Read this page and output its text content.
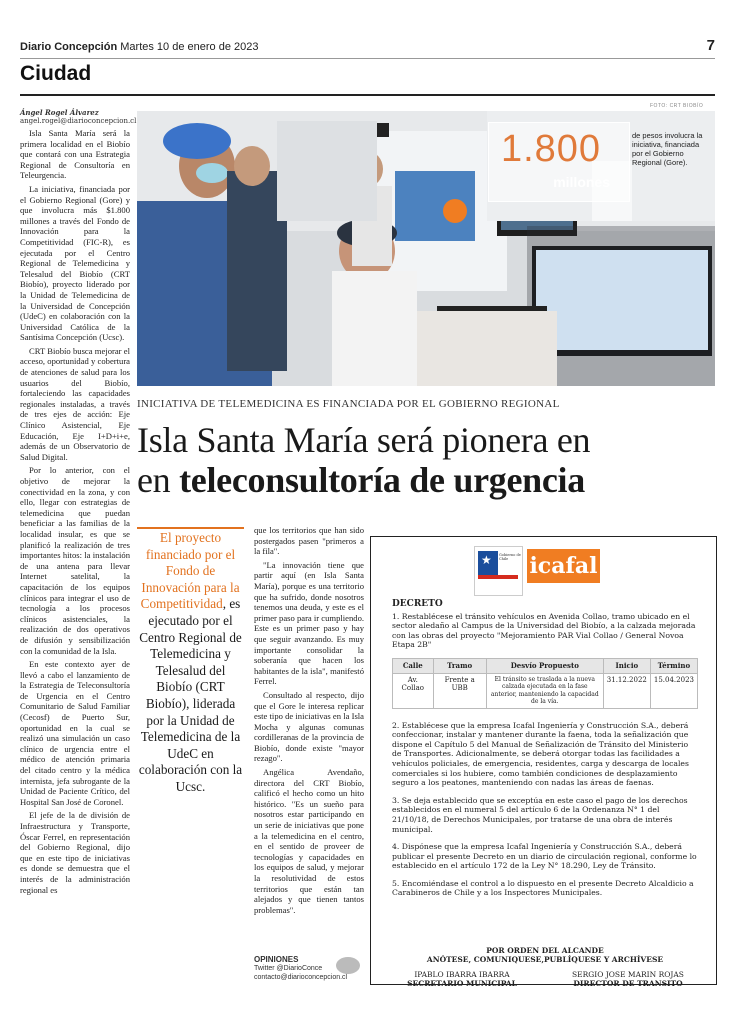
Diario Concepción Martes 10 de enero de 2023	7
Ciudad
Ángel Rogel Álvarez
angel.rogel@diarioconcepcion.cl

Isla Santa María será la primera localidad en el Biobío que contará con una Estrategia Regional de Consultoría en Teleurgencia.

La iniciativa, financiada por el Gobierno Regional (Gore) y que involucra más $1.800 millones a través del Fondo de Innovación para la Competitividad (FIC-R), es ejecutada por el Centro Regional de Telemedicina y Telesalud del Biobío (CRT Biobío), proyecto liderado por la Unidad de Telemedicina de la Universidad de Concepción (UdeC) en colaboración con la Universidad Católica de la Santísima Concepción (Ucsc).

CRT Biobío busca mejorar el acceso, oportunidad y cobertura de atenciones de salud para los usuarios del Biobío, fortaleciendo las capacidades regionales instaladas, a través de tres ejes de acción: Eje Clínico Asistencial, Eje Educación, Eje I+D+i+e, además de un Observatorio de Salud Digital.

Por lo anterior, con el objetivo de mejorar la conectividad en la zona, y con ello, llegar con estrategias de telemedicina que puedan beneficiar a las familias de la localidad insular, es que se planificó la realización de tres importantes hitos: la instalación de una antena para llevar Internet satelital, la capacitación de los equipos clínicos para integrar el uso de tecnología a los procesos clínicos asistenciales, la realización de dos operativos de difusión y sensibilización con la comunidad de la Isla.

En este contexto ayer de llevó a cabo el lanzamiento de la Estrategia de Teleconsultoría de Urgencia en el Centro Comunitario de Salud Familiar (Cecosf) de Puerto Sur, oportunidad en la cual se realizó una simulación un caso clínico de urgencia entre el médico de atención primaria del citado centro y la médica internista, jefa subrogante de la Unidad de Paciente Crítico, del Hospital San José de Coronel.

El jefe de la de división de Infraestructura y Transporte, Óscar Ferrel, en representación del Gobierno Regional, dijo que en este tipo de iniciativas es donde se demuestra que el interés de la administración regional es

FOTO: CRT BIOBÍO
1.800
millones
de pesos involucra la iniciativa, financiada por el Gobierno Regional (Gore).
INICIATIVA DE TELEMEDICINA ES FINANCIADA POR EL GOBIERNO REGIONAL
Isla Santa María será pionera en
en teleconsultoría de urgencia
El proyecto financiado por el Fondo de Innovación para la Competitividad, es ejecutado por el Centro Regional de Telemedicina y Telesalud del Biobío (CRT Biobío), liderada por la Unidad de Telemedicina de la UdeC en colaboración con la Ucsc.

que los territorios que han sido postergados pasen "primeros a la fila".

"La innovación tiene que partir aquí (en Isla Santa María), porque es una territorio que ha sufrido, donde nosotros tenemos una deuda, y este es el primer paso para ir cumpliendo. Este es un primer paso y hay que seguir avanzando. Es muy importante consolidar la soberanía que hacen los habitantes de la isla", manifestó Ferrel.

Consultado al respecto, dijo que el Gore le interesa replicar este tipo de iniciativas en la Isla Mocha y algunas comunas cordilleranas de la provincia de Biobío, donde existe "mayor rezago".

Angélica Avendaño, directora del CRT Biobío, calificó el hecho como un hito histórico. "Es un sueño para nosotros estar participando en un serie de iniciativas que pone a la telemedicina en el centro, en el sentido de proveer de tecnologías y capacidades en los equipos de salud, y mejorar la resolutividad de estos territorios que están tan alejados y que tienen tantos problemas".

OPINIONES
Twitter @DiarioConce
contacto@diarioconcepcion.cl
★ Gobierno de Chile icafal
DECRETO

1. Restablécese el tránsito vehículos en Avenida Collao, tramo ubicado en el sector aledaño al Campus de la Universidad del Biobío, a la calzada mejorada con las obras del proyecto "Mejoramiento PAR Vial Collao / General Novoa Etapa 2B"

Calle	Tramo	Desvío Propuesto	Inicio	Término
Av. Collao	Frente a UBB	El tránsito se traslada a la nueva calzada ejecutada en la fase anterior, manteniendo la capacidad de la vía.	31.12.2022	15.04.2023

2. Establécese que la empresa Icafal Ingeniería y Construcción S.A., deberá confeccionar, instalar y mantener durante la faena, toda la señalización que dispone el Capítulo 5 del Manual de Señalización de Tránsito del Ministerio de Transportes. Adicionalmente, se deberá otorgar todas las facilidades a vehículos policiales, de emergencia, residentes, carga y descarga de locales comerciales si los hubiere, como también condiciones de desplazamiento seguro a los peatones, manteniendo con nadas las áreas de faenas.

3. Se deja establecido que se exceptúa en este caso el pago de los derechos establecidos en el numeral 5 del artículo 6 de la Ordenanza N° 1 del 21/10/18, de Derechos Municipales, por tratarse de una obra de interés municipal.

4. Dispónese que la empresa Icafal Ingeniería y Construcción S.A., deberá publicar el presente Decreto en un diario de circulación regional, conforme lo establecido en el artículo 172 de la Ley N° 18.290, Ley de Tránsito.

5. Encomiéndase el control a lo dispuesto en el presente Decreto Alcaldicio a Carabineros de Chile y a los Inspectores Municipales.

POR ORDEN DEL ALCANDE
ANÓTESE, COMUNIQUESE,PUBLÍQUESE Y ARCHÍVESE
IPABLO IBARRA IBARRA
SECRETARIO MUNICIPAL
SERGIO JOSE MARIN ROJAS
DIRECTOR DE TRANSITO
